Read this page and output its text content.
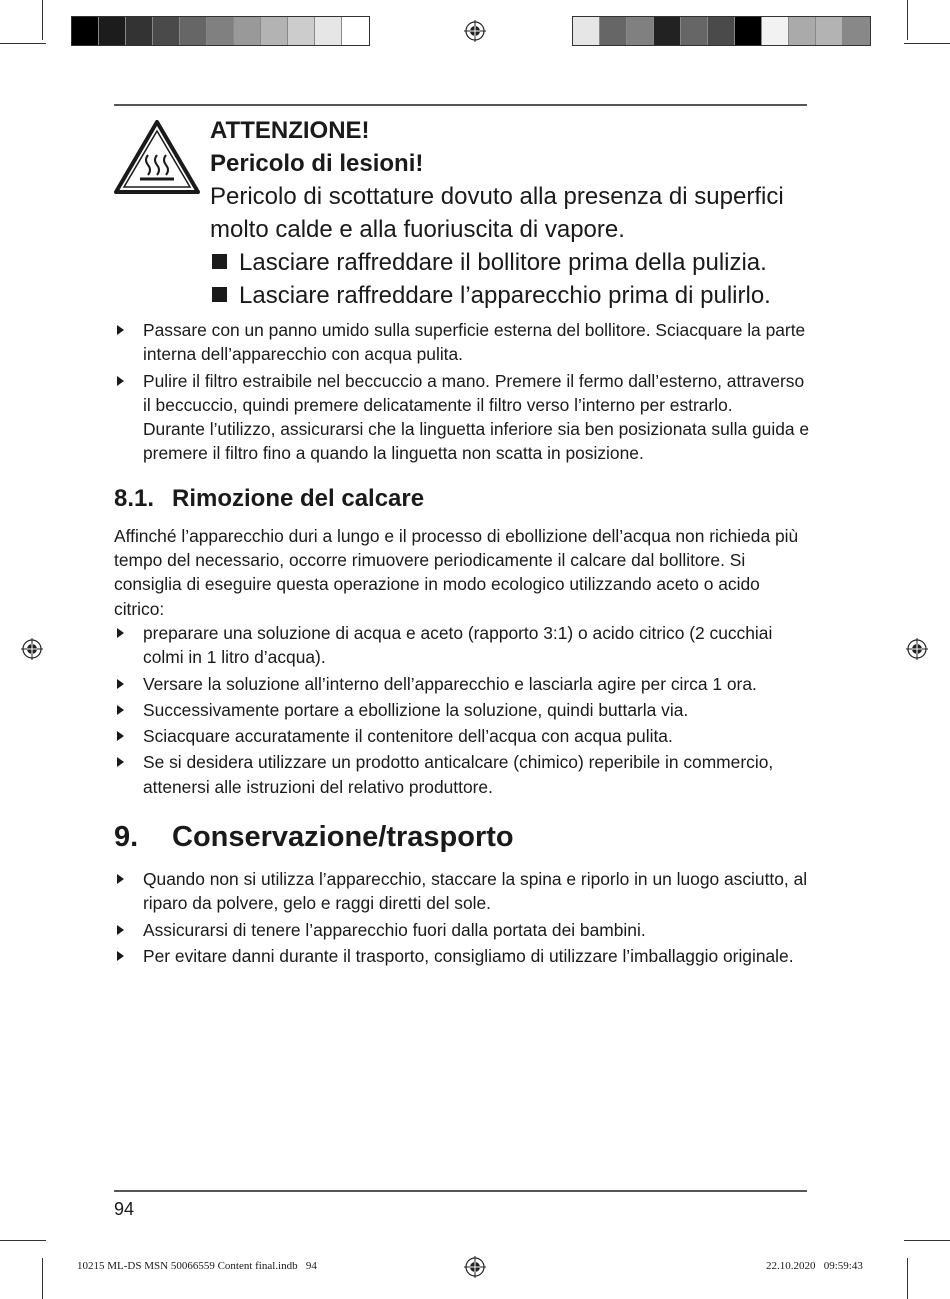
ATTENZIONE!

Pericolo di lesioni!

Pericolo di scottature dovuto alla presenza di superfici molto calde e alla fuoriuscita di vapore.

Lasciare raffreddare il bollitore prima della pulizia.

Lasciare raffreddare l’apparecchio prima di pulirlo.

Passare con un panno umido sulla superficie esterna del bollitore. Sciacquare la parte interna dell’apparecchio con acqua pulita.
Pulire il filtro estraibile nel beccuccio a mano. Premere il fermo dall’esterno, attraverso il beccuccio, quindi premere delicatamente il filtro verso l’interno per estrarlo.
Durante l’utilizzo, assicurarsi che la linguetta inferiore sia ben posizionata sulla guida e premere il filtro fino a quando la linguetta non scatta in posizione.
8.1. Rimozione del calcare

Affinché l’apparecchio duri a lungo e il processo di ebollizione dell’acqua non richieda più tempo del necessario, occorre rimuovere periodicamente il calcare dal bollitore. Si consiglia di eseguire questa operazione in modo ecologico utilizzando aceto o acido citrico:

preparare una soluzione di acqua e aceto (rapporto 3:1) o acido citrico (2 cucchiai colmi in 1 litro d’acqua).
Versare la soluzione all’interno dell’apparecchio e lasciarla agire per circa 1 ora.
Successivamente portare a ebollizione la soluzione, quindi buttarla via.
Sciacquare accuratamente il contenitore dell’acqua con acqua pulita.
Se si desidera utilizzare un prodotto anticalcare (chimico) reperibile in commercio, attenersi alle istruzioni del relativo produttore.
9. Conservazione/trasporto
Quando non si utilizza l’apparecchio, staccare la spina e riporlo in un luogo asciutto, al riparo da polvere, gelo e raggi diretti del sole.
Assicurarsi di tenere l’apparecchio fuori dalla portata dei bambini.
Per evitare danni durante il trasporto, consigliamo di utilizzare l’imballaggio originale.
94
10215 ML-DS MSN 50066559 Content final.indb   94	22.10.2020   09:59:43
